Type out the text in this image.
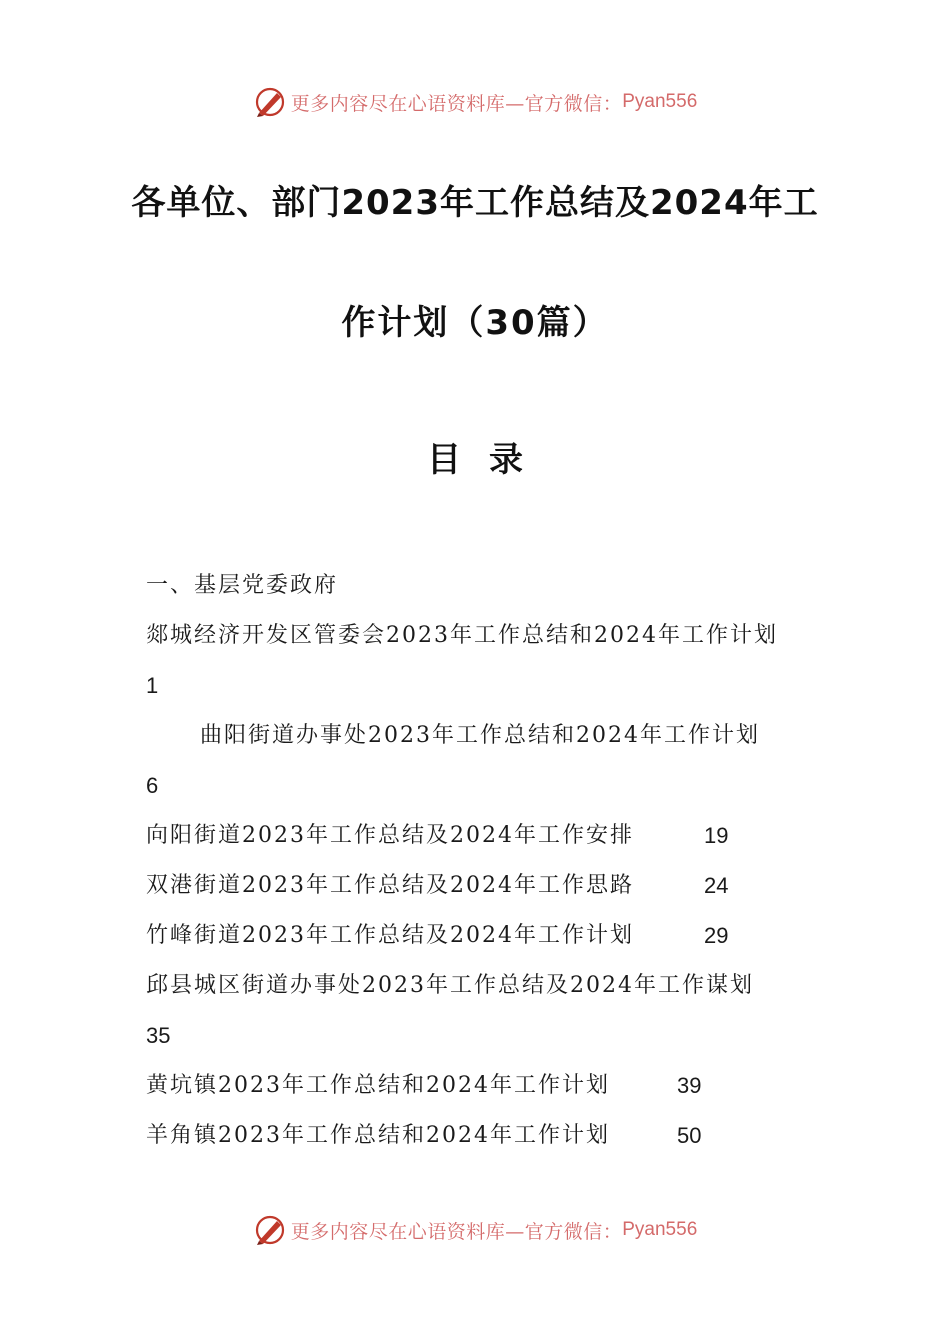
更多内容尽在心语资料库—官方微信： Pyan556
各单位、部门2023年工作总结及2024年工
作计划（30篇）
目录
一、基层党委政府
郯城经济开发区管委会2023年工作总结和2024年工作计划
1
曲阳街道办事处2023年工作总结和2024年工作计划
6
向阳街道2023年工作总结及2024年工作安排	19
双港街道2023年工作总结及2024年工作思路	24
竹峰街道2023年工作总结及2024年工作计划	29
邱县城区街道办事处2023年工作总结及2024年工作谋划
35
黄坑镇2023年工作总结和2024年工作计划	39
羊角镇2023年工作总结和2024年工作计划	50
更多内容尽在心语资料库—官方微信： Pyan556
